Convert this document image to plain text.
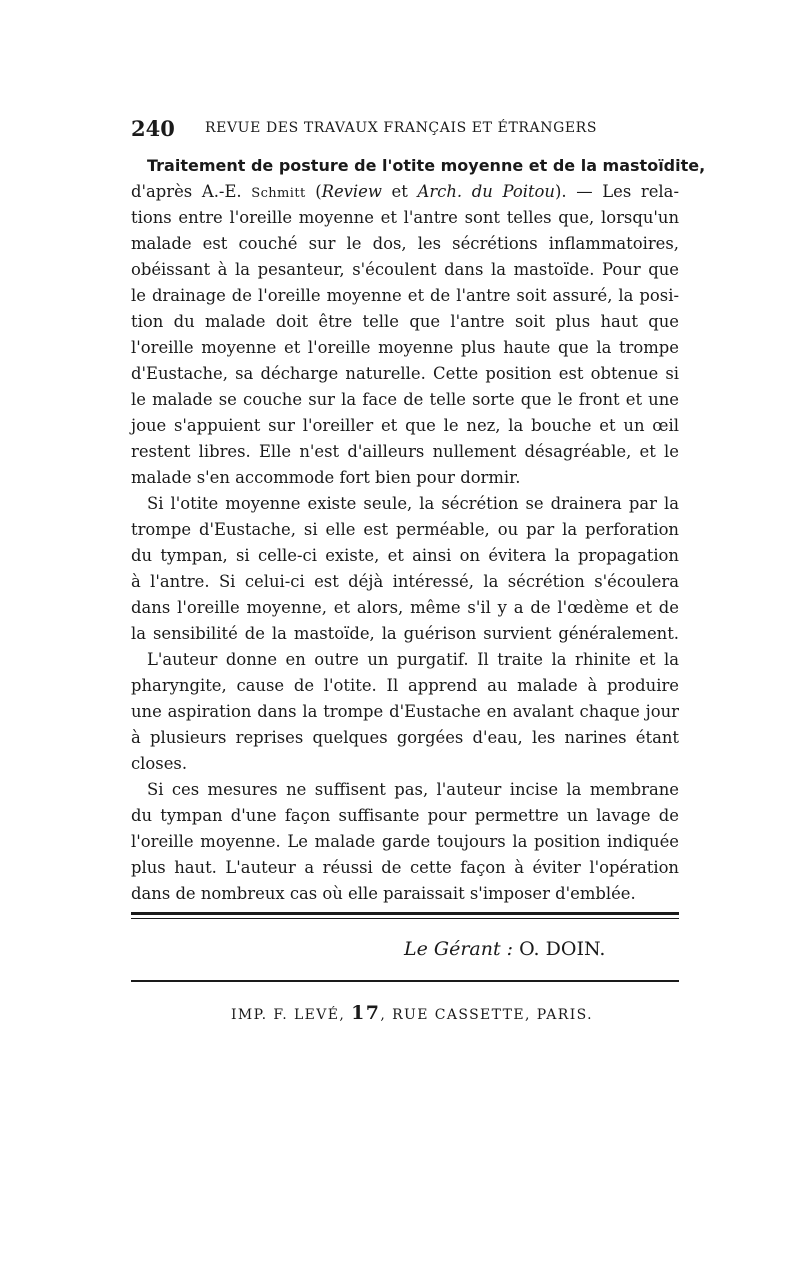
240 REVUE DES TRAVAUX FRANÇAIS ET ÉTRANGERS
Traitement de posture de l'otite moyenne et de la mastoïdite,
d'après A.-E. Schmitt (Review et Arch. du Poitou). — Les rela-
tions entre l'oreille moyenne et l'antre sont telles que, lorsqu'un
malade est couché sur le dos, les sécrétions inflammatoires,
obéissant à la pesanteur, s'écoulent dans la mastoïde. Pour que
le drainage de l'oreille moyenne et de l'antre soit assuré, la posi-
tion du malade doit être telle que l'antre soit plus haut que
l'oreille moyenne et l'oreille moyenne plus haute que la trompe
d'Eustache, sa décharge naturelle. Cette position est obtenue si
le malade se couche sur la face de telle sorte que le front et une
joue s'appuient sur l'oreiller et que le nez, la bouche et un œil
restent libres. Elle n'est d'ailleurs nullement désagréable, et le
malade s'en accommode fort bien pour dormir.
Si l'otite moyenne existe seule, la sécrétion se drainera par la
trompe d'Eustache, si elle est perméable, ou par la perforation
du tympan, si celle-ci existe, et ainsi on évitera la propagation
à l'antre. Si celui-ci est déjà intéressé, la sécrétion s'écoulera
dans l'oreille moyenne, et alors, même s'il y a de l'œdème et de
la sensibilité de la mastoïde, la guérison survient généralement.
L'auteur donne en outre un purgatif. Il traite la rhinite et la
pharyngite, cause de l'otite. Il apprend au malade à produire
une aspiration dans la trompe d'Eustache en avalant chaque jour
à plusieurs reprises quelques gorgées d'eau, les narines étant
closes.
Si ces mesures ne suffisent pas, l'auteur incise la membrane
du tympan d'une façon suffisante pour permettre un lavage de
l'oreille moyenne. Le malade garde toujours la position indiquée
plus haut. L'auteur a réussi de cette façon à éviter l'opération
dans de nombreux cas où elle paraissait s'imposer d'emblée.
Le Gérant : O. DOIN.
IMP. F. LEVÉ, 17, RUE CASSETTE, PARIS.
